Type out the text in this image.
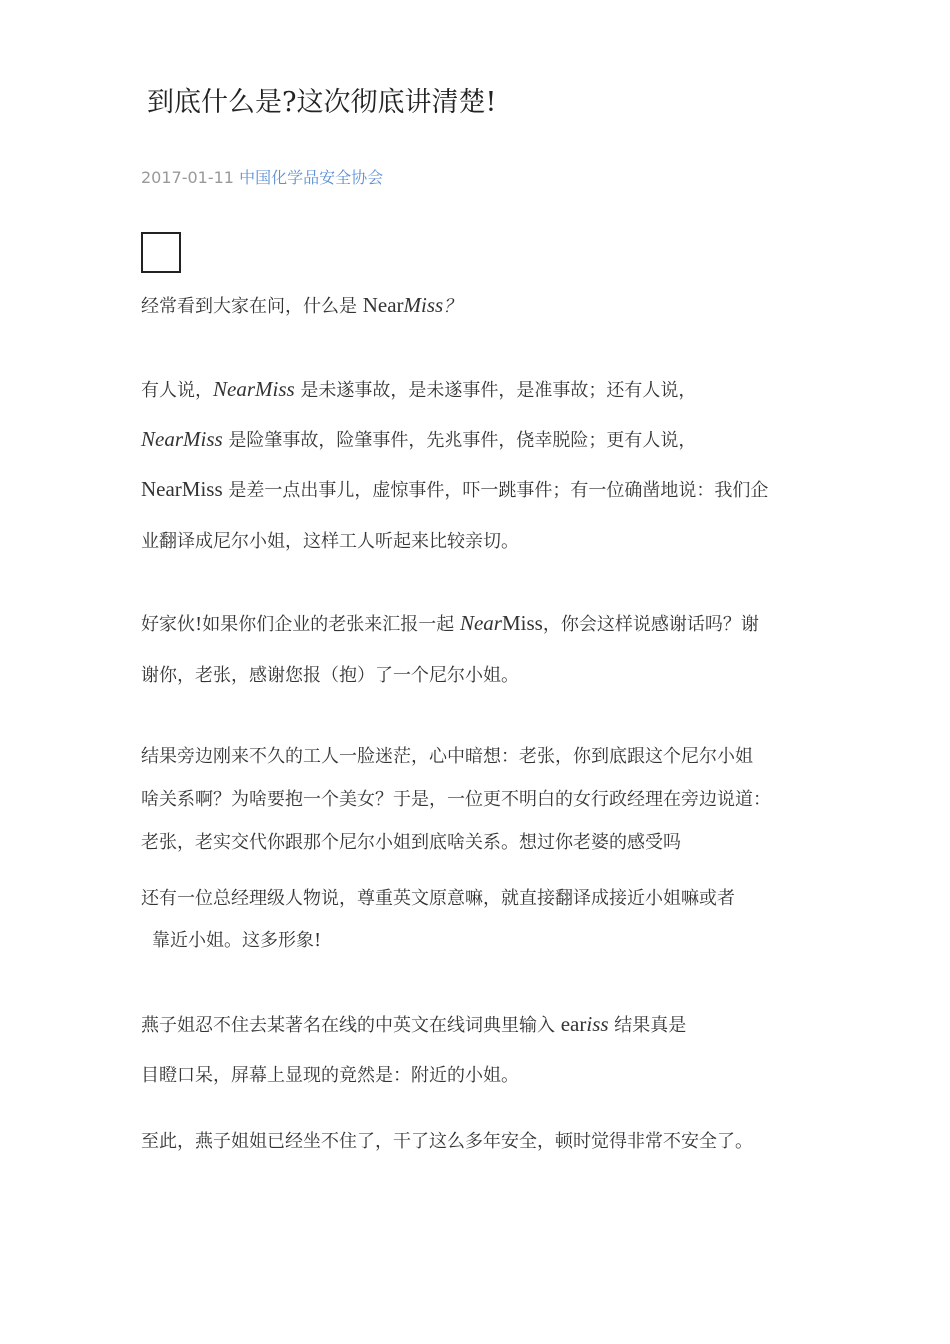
到底什么是?这次彻底讲清楚!
2017-01-11 中国化学品安全协会
经常看到大家在问，什么是 NearMiss？
有人说，NearMiss 是未遂事故，是未遂事件，是准事故；还有人说，
NearMiss 是险肇事故，险肇事件，先兆事件，侥幸脱险；更有人说，
NearMiss 是差一点出事儿，虚惊事件，吓一跳事件；有一位确凿地说：我们企
业翻译成尼尔小姐，这样工人听起来比较亲切。
好家伙!如果你们企业的老张来汇报一起 NearMiss，你会这样说感谢话吗？谢
谢你，老张，感谢您报（抱）了一个尼尔小姐。
结果旁边刚来不久的工人一脸迷茫，心中暗想：老张，你到底跟这个尼尔小姐
啥关系啊？为啥要抱一个美女？于是，一位更不明白的女行政经理在旁边说道：
老张，老实交代你跟那个尼尔小姐到底啥关系。想过你老婆的感受吗
还有一位总经理级人物说，尊重英文原意嘛，就直接翻译成接近小姐嘛或者
靠近小姐。这多形象!
燕子姐忍不住去某著名在线的中英文在线词典里输入 eariss 结果真是
目瞪口呆，屏幕上显现的竟然是：附近的小姐。
至此，燕子姐姐已经坐不住了，干了这么多年安全，顿时觉得非常不安全了。
